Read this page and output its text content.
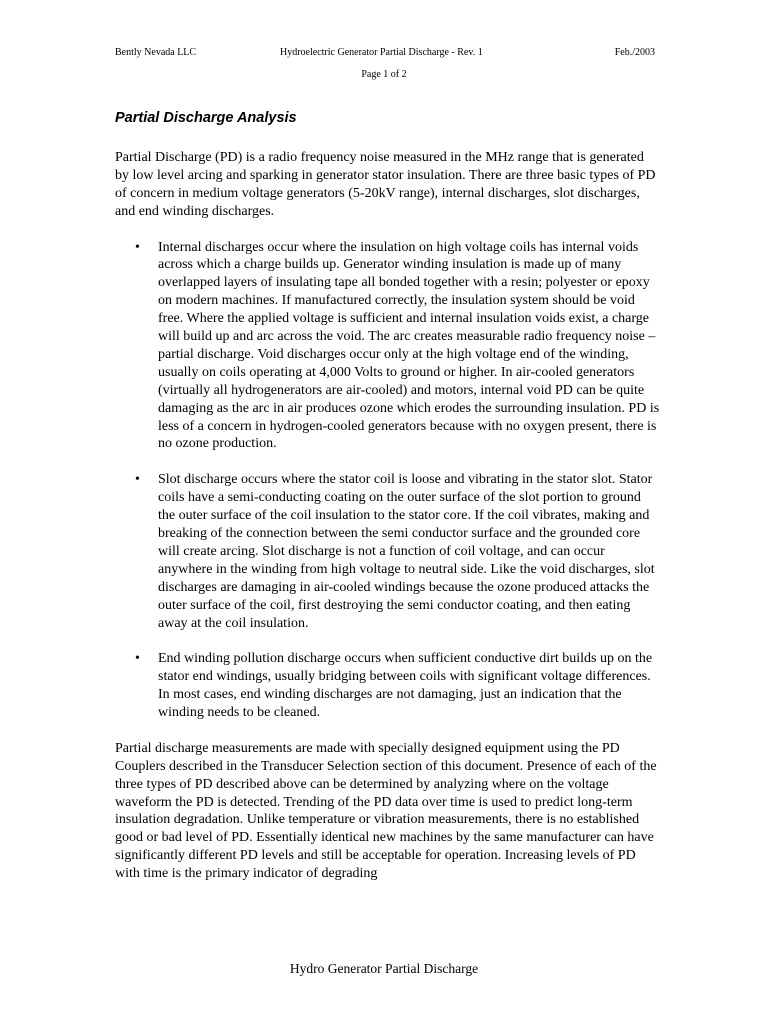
Bently Nevada LLC	Hydroelectric Generator Partial Discharge - Rev. 1	Feb./2003
Page 1 of 2
Partial Discharge Analysis

Partial Discharge (PD) is a radio frequency noise measured in the MHz range that is generated by low level arcing and sparking in generator stator insulation. There are three basic types of PD of concern in medium voltage generators (5-20kV range), internal discharges, slot discharges, and end winding discharges.

•	Internal discharges occur where the insulation on high voltage coils has internal voids across which a charge builds up. Generator winding insulation is made up of many overlapped layers of insulating tape all bonded together with a resin; polyester or epoxy on modern machines. If manufactured correctly, the insulation system should be void free. Where the applied voltage is sufficient and internal insulation voids exist, a charge will build up and arc across the void. The arc creates measurable radio frequency noise – partial discharge. Void discharges occur only at the high voltage end of the winding, usually on coils operating at 4,000 Volts to ground or higher. In air-cooled generators (virtually all hydrogenerators are air-cooled) and motors, internal void PD can be quite damaging as the arc in air produces ozone which erodes the surrounding insulation. PD is less of a concern in hydrogen-cooled generators because with no oxygen present, there is no ozone production.
•	Slot discharge occurs where the stator coil is loose and vibrating in the stator slot. Stator coils have a semi-conducting coating on the outer surface of the slot portion to ground the outer surface of the coil insulation to the stator core. If the coil vibrates, making and breaking of the connection between the semi conductor surface and the grounded core will create arcing. Slot discharge is not a function of coil voltage, and can occur anywhere in the winding from high voltage to neutral side. Like the void discharges, slot discharges are damaging in air-cooled windings because the ozone produced attacks the outer surface of the coil, first destroying the semi conductor coating, and then eating away at the coil insulation.
•	End winding pollution discharge occurs when sufficient conductive dirt builds up on the stator end windings, usually bridging between coils with significant voltage differences. In most cases, end winding discharges are not damaging, just an indication that the winding needs to be cleaned.

Partial discharge measurements are made with specially designed equipment using the PD Couplers described in the Transducer Selection section of this document. Presence of each of the three types of PD described above can be determined by analyzing where on the voltage waveform the PD is detected. Trending of the PD data over time is used to predict long-term insulation degradation. Unlike temperature or vibration measurements, there is no established good or bad level of PD. Essentially identical new machines by the same manufacturer can have significantly different PD levels and still be acceptable for operation. Increasing levels of PD with time is the primary indicator of degrading

Hydro Generator Partial Discharge
